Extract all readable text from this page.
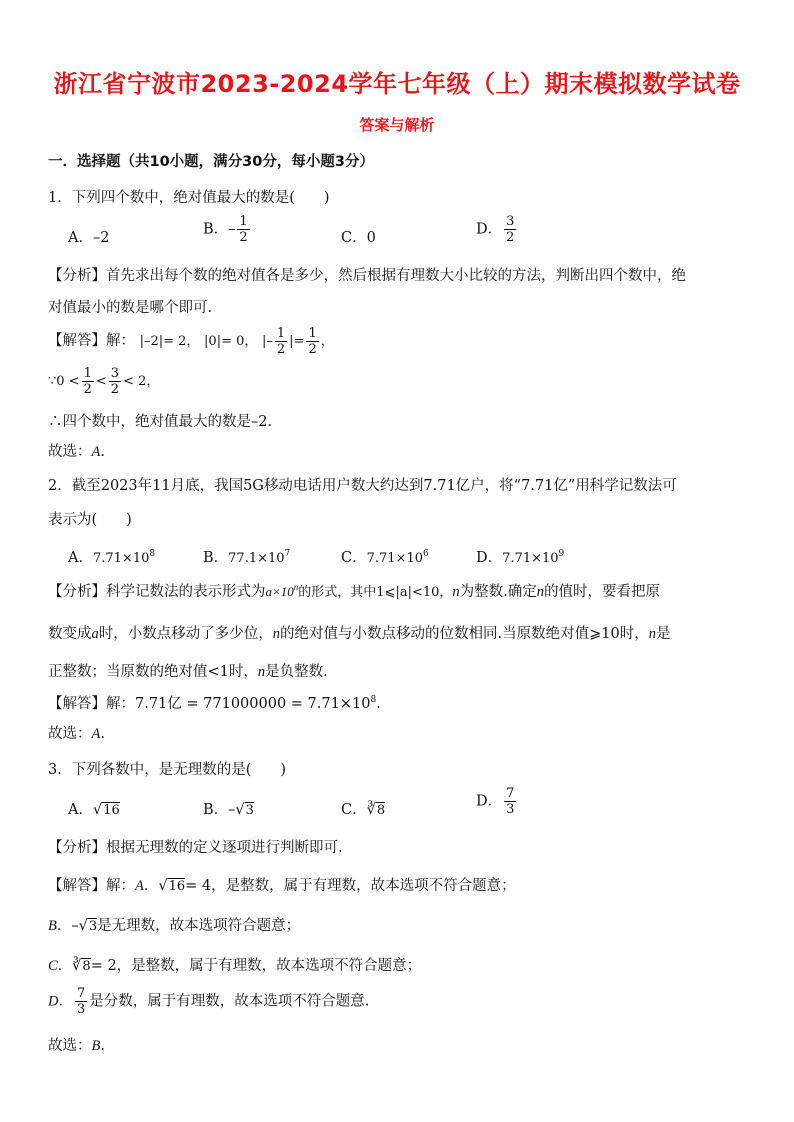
浙江省宁波市2023-2024学年七年级（上）期末模拟数学试卷
答案与解析
一．选择题（共10小题，满分30分，每小题3分）
1．下列四个数中，绝对值最大的数是(　　)
A．–2
B．– $\frac{1}{2}$	C．0
D． $\frac{3}{2}$
【分析】首先求出每个数的绝对值各是多少，然后根据有理数大小比较的方法，判断出四个数中，绝
对值最小的数是哪个即可.
【解答】解： |–2|= 2， |0|= 0， |– $\frac{1}{2}$ |= $\frac{1}{2}$ ，
∵0 < $\frac{1}{2} < \frac{3}{2} < 2$，
∴四个数中，绝对值最大的数是–2.
故选：A.
2．截至2023年11月底，我国5G移动电话用户数大约达到7.71亿户，将“7.71亿”用科学记数法可
表示为(　　)
A．$7.71\times 10^8$	B．$77.1\times 10^7$	C．$7.71\times 10^6$	D．$7.71\times 10^9$
【分析】科学记数法的表示形式为$a\times 10^n$的形式，其中1⩽|a|<10，n为整数.确定n的值时，要看把原
数变成a时，小数点移动了多少位，n的绝对值与小数点移动的位数相同.当原数绝对值⩾10时，n是
正整数；当原数的绝对值<1时，n是负整数.
【解答】解：7.71亿 = $771000000 = 7.71\times 10^8$.
故选：A.
3．下列各数中，是无理数的是(　　)
A．√16	B．–√3	C．∛8
D． $\frac{7}{3}$
【分析】根据无理数的定义逐项进行判断即可.
【解答】解：A．√16= 4，是整数，属于有理数，故本选项不符合题意；
B．–√3是无理数，故本选项符合题意；
C．∛8= 2，是整数，属于有理数，故本选项不符合题意；
D． $\frac{7}{3}$ 是分数，属于有理数，故本选项不符合题意.
故选：B.
